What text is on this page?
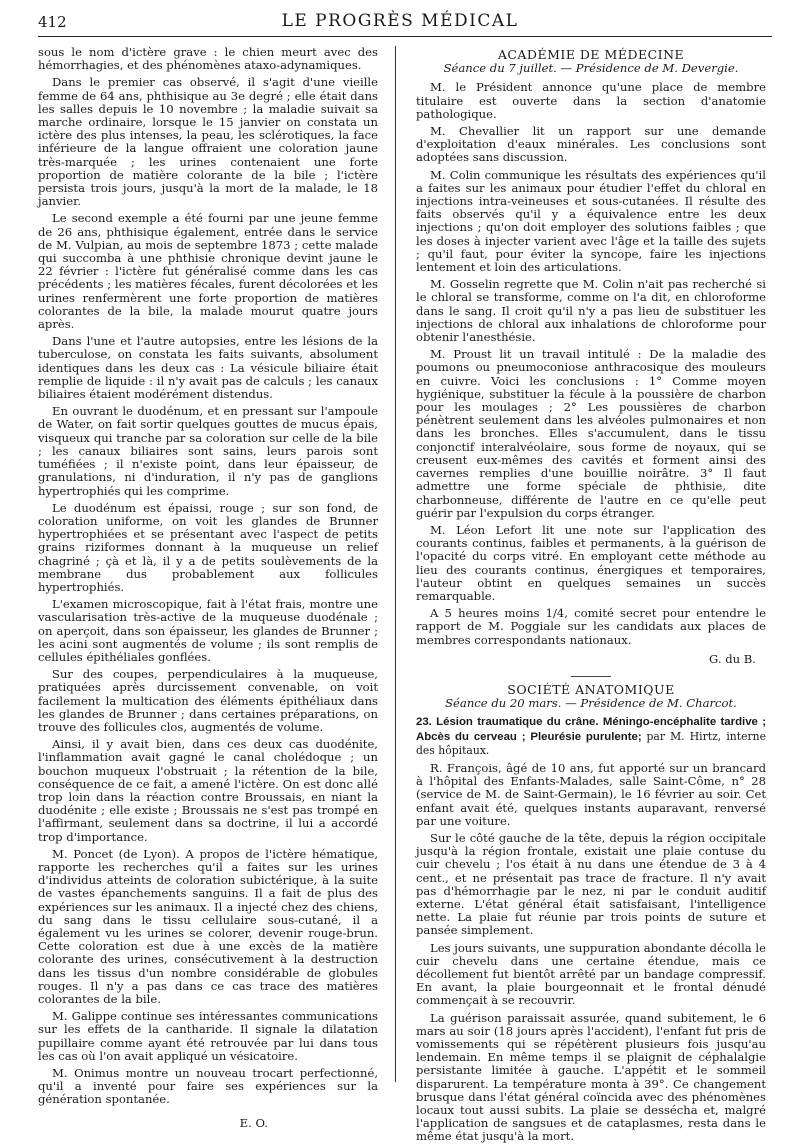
412	LE PROGRÈS MÉDICAL

sous le nom d'ictère grave : le chien meurt avec des hémorrhagies, et des phénomènes ataxo-adynamiques.

Dans le premier cas observé, il s'agit d'une vieille femme de 64 ans, phthisique au 3e degré ; elle était dans les salles depuis le 10 novembre ; la maladie suivait sa marche ordinaire, lorsque le 15 janvier on constata un ictère des plus intenses, la peau, les sclérotiques, la face inférieure de la langue offraient une coloration jaune très-marquée ; les urines contenaient une forte proportion de matière colorante de la bile ; l'ictère persista trois jours, jusqu'à la mort de la malade, le 18 janvier.

Le second exemple a été fourni par une jeune femme de 26 ans, phthisique également, entrée dans le service de M. Vulpian, au mois de septembre 1873 ; cette malade qui succomba à une phthisie chronique devint jaune le 22 février : l'ictère fut généralisé comme dans les cas précédents ; les matières fécales, furent décolorées et les urines renfermèrent une forte proportion de matières colorantes de la bile, la malade mourut quatre jours après.

Dans l'une et l'autre autopsies, entre les lésions de la tuberculose, on constata les faits suivants, absolument identiques dans les deux cas : La vésicule biliaire était remplie de liquide : il n'y avait pas de calculs ; les canaux biliaires étaient modérément distendus.

En ouvrant le duodénum, et en pressant sur l'ampoule de Water, on fait sortir quelques gouttes de mucus épais, visqueux qui tranche par sa coloration sur celle de la bile ; les canaux biliaires sont sains, leurs parois sont tuméfiées ; il n'existe point, dans leur épaisseur, de granulations, ni d'induration, il n'y pas de ganglions hypertrophiés qui les comprime.

Le duodénum est épaissi, rouge ; sur son fond, de coloration uniforme, on voit les glandes de Brunner hypertrophiées et se présentant avec l'aspect de petits grains riziformes donnant à la muqueuse un relief chagriné ; çà et là, il y a de petits soulèvements de la membrane dus probablement aux follicules hypertrophiés.

L'examen microscopique, fait à l'état frais, montre une vascularisation très-active de la muqueuse duodénale ; on aperçoit, dans son épaisseur, les glandes de Brunner ; les acini sont augmentés de volume ; ils sont remplis de cellules épithéliales gonflées.

Sur des coupes, perpendiculaires à la muqueuse, pratiquées après durcissement convenable, on voit facilement la multication des éléments épithéliaux dans les glandes de Brunner ; dans certaines préparations, on trouve des follicules clos, augmentés de volume.

Ainsi, il y avait bien, dans ces deux cas duodénite, l'inflammation avait gagné le canal cholédoque ; un bouchon muqueux l'obstruait ; la rétention de la bile, conséquence de ce fait, a amené l'ictère. On est donc allé trop loin dans la réaction contre Broussais, en niant la duodénite ; elle existe ; Broussais ne s'est pas trompé en l'affirmant, seulement dans sa doctrine, il lui a accordé trop d'importance.

M. Poncet (de Lyon). A propos de l'ictère hématique, rapporte les recherches qu'il a faites sur les urines d'individus atteints de coloration subictérique, à la suite de vastes épanchements sanguins. Il a fait de plus des expériences sur les animaux. Il a injecté chez des chiens, du sang dans le tissu cellulaire sous-cutané, il a également vu les urines se colorer, devenir rouge-brun. Cette coloration est due à une excès de la matière colorante des urines, consécutivement à la destruction dans les tissus d'un nombre considérable de globules rouges. Il n'y a pas dans ce cas trace des matières colorantes de la bile.

M. Galippe continue ses intéressantes communications sur les effets de la cantharide. Il signale la dilatation pupillaire comme ayant été retrouvée par lui dans tous les cas où l'on avait appliqué un vésicatoire.

M. Onimus montre un nouveau trocart perfectionné, qu'il a inventé pour faire ses expériences sur la génération spontanée.

E. O.

ACADÉMIE DE MÉDECINE
Séance du 7 juillet. — Présidence de M. Devergie.

M. le Président annonce qu'une place de membre titulaire est ouverte dans la section d'anatomie pathologique.

M. Chevallier lit un rapport sur une demande d'exploitation d'eaux minérales. Les conclusions sont adoptées sans discussion.

M. Colin communique les résultats des expériences qu'il a faites sur les animaux pour étudier l'effet du chloral en injections intra-veineuses et sous-cutanées. Il résulte des faits observés qu'il y a équivalence entre les deux injections ; qu'on doit employer des solutions faibles ; que les doses à injecter varient avec l'âge et la taille des sujets ; qu'il faut, pour éviter la syncope, faire les injections lentement et loin des articulations.

M. Gosselin regrette que M. Colin n'ait pas recherché si le chloral se transforme, comme on l'a dit, en chloroforme dans le sang. Il croit qu'il n'y a pas lieu de substituer les injections de chloral aux inhalations de chloroforme pour obtenir l'anesthésie.

M. Proust lit un travail intitulé : De la maladie des poumons ou pneumoconiose anthracosique des mouleurs en cuivre. Voici les conclusions : 1° Comme moyen hygiénique, substituer la fécule à la poussière de charbon pour les moulages ; 2° Les poussières de charbon pénètrent seulement dans les alvéoles pulmonaires et non dans les bronches. Elles s'accumulent, dans le tissu conjonctif interalvéolaire, sous forme de noyaux, qui se creusent eux-mêmes des cavités et forment ainsi des cavernes remplies d'une bouillie noirâtre. 3° Il faut admettre une forme spéciale de phthisie, dite charbonneuse, différente de l'autre en ce qu'elle peut guérir par l'expulsion du corps étranger.

M. Léon Lefort lit une note sur l'application des courants continus, faibles et permanents, à la guérison de l'opacité du corps vitré. En employant cette méthode au lieu des courants continus, énergiques et temporaires, l'auteur obtint en quelques semaines un succès remarquable.

A 5 heures moins 1/4, comité secret pour entendre le rapport de M. Poggiale sur les candidats aux places de membres correspondants nationaux.

G. du B.

SOCIÉTÉ ANATOMIQUE
Séance du 20 mars. — Présidence de M. Charcot.

23. Lésion traumatique du crâne. Méningo-encéphalite tardive ; Abcès du cerveau ; Pleurésie purulente; par M. Hirtz, interne des hôpitaux.

R. François, âgé de 10 ans, fut apporté sur un brancard à l'hôpital des Enfants-Malades, salle Saint-Côme, n° 28 (service de M. de Saint-Germain), le 16 février au soir. Cet enfant avait été, quelques instants auparavant, renversé par une voiture.

Sur le côté gauche de la tête, depuis la région occipitale jusqu'à la région frontale, existait une plaie contuse du cuir chevelu ; l'os était à nu dans une étendue de 3 à 4 cent., et ne présentait pas trace de fracture. Il n'y avait pas d'hémorrhagie par le nez, ni par le conduit auditif externe. L'état général était satisfaisant, l'intelligence nette. La plaie fut réunie par trois points de suture et pansée simplement.

Les jours suivants, une suppuration abondante décolla le cuir chevelu dans une certaine étendue, mais ce décollement fut bientôt arrêté par un bandage compressif. En avant, la plaie bourgeonnait et le frontal dénudé commençait à se recouvrir.

La guérison paraissait assurée, quand subitement, le 6 mars au soir (18 jours après l'accident), l'enfant fut pris de vomissements qui se répétèrent plusieurs fois jusqu'au lendemain. En même temps il se plaignit de céphalalgie persistante limitée à gauche. L'appétit et le sommeil disparurent. La température monta à 39°. Ce changement brusque dans l'état général coïncida avec des phénomènes locaux tout aussi subits. La plaie se dessécha et, malgré l'application de sangsues et de cataplasmes, resta dans le même état jusqu'à la mort.
